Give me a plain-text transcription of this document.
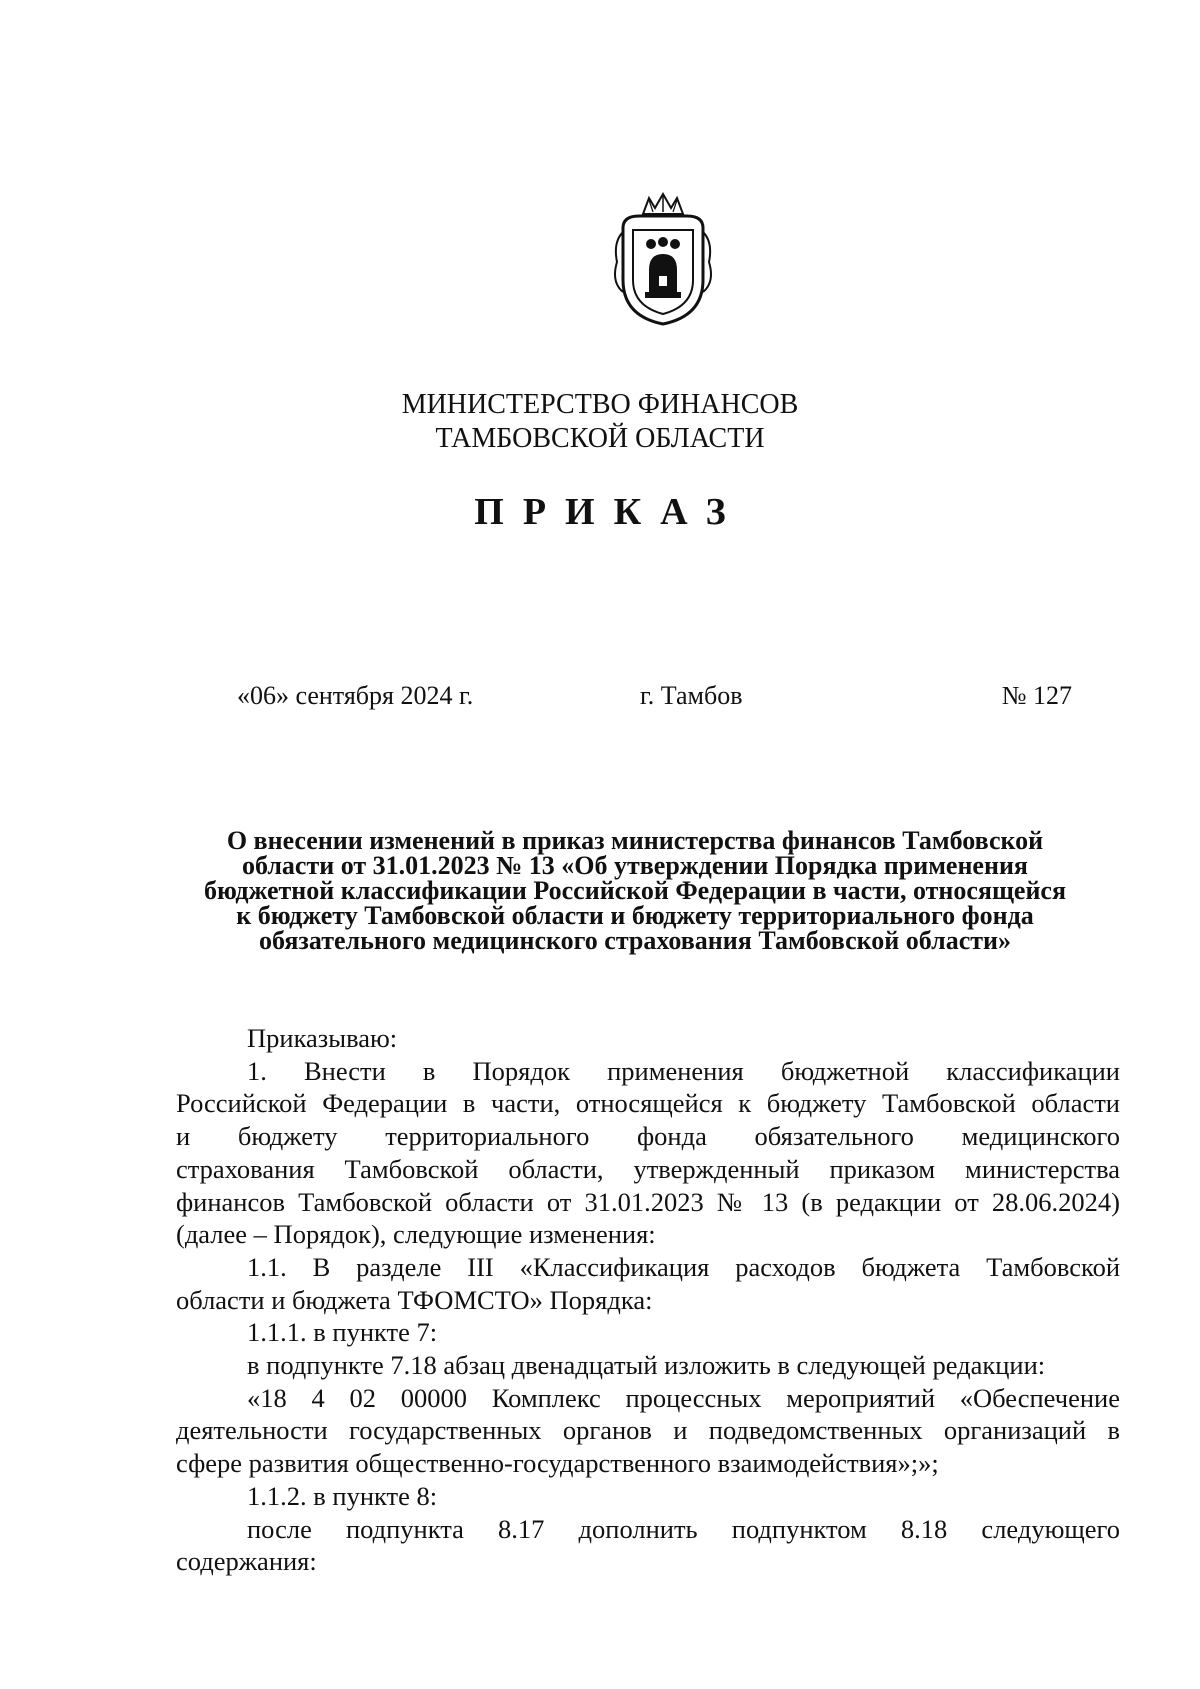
МИНИСТЕРСТВО ФИНАНСОВ
ТАМБОВСКОЙ ОБЛАСТИ
ПРИКАЗ
«06» сентября 2024 г.	г. Тамбов	№ 127
О внесении изменений в приказ министерства финансов Тамбовской
области от 31.01.2023 № 13 «Об утверждении Порядка применения
бюджетной классификации Российской Федерации в части, относящейся
к бюджету Тамбовской области и бюджету территориального фонда
обязательного медицинского страхования Тамбовской области»

Приказываю:

1. Внести в Порядок применения бюджетной классификации
Российской Федерации в части, относящейся к бюджету Тамбовской области
и бюджету территориального фонда обязательного медицинского
страхования Тамбовской области, утвержденный приказом министерства
финансов Тамбовской области от 31.01.2023 № 13 (в редакции от 28.06.2024)
(далее – Порядок), следующие изменения:
1.1. В разделе III «Классификация расходов бюджета Тамбовской
области и бюджета ТФОМСТО» Порядка:
1.1.1. в пункте 7:
в подпункте 7.18 абзац двенадцатый изложить в следующей редакции:
«18 4 02 00000 Комплекс процессных мероприятий «Обеспечение
деятельности государственных органов и подведомственных организаций в
сфере развития общественно-государственного взаимодействия»;»;
1.1.2. в пункте 8:
после подпункта 8.17 дополнить подпунктом 8.18 следующего
содержания:
